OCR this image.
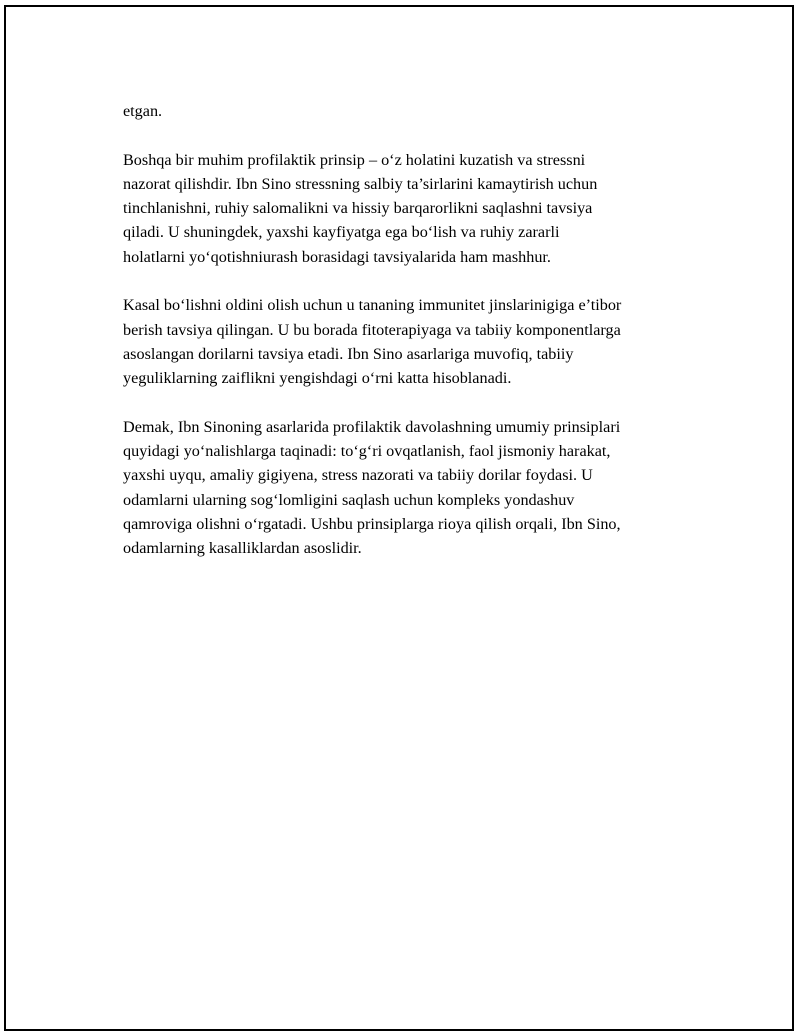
etgan.

Boshqa bir muhim profilaktik prinsip – o‘z holatini kuzatish va stressni
nazorat qilishdir. Ibn Sino stressning salbiy ta’sirlarini kamaytirish uchun
tinchlanishni, ruhiy salomalikni va hissiy barqarorlikni saqlashni tavsiya
qiladi. U shuningdek, yaxshi kayfiyatga ega bo‘lish va ruhiy zararli
holatlarni yo‘qotishniurash borasidagi tavsiyalarida ham mashhur.

Kasal bo‘lishni oldini olish uchun u tananing immunitet jinslarinigiga e’tibor
berish tavsiya qilingan. U bu borada fitoterapiyaga va tabiiy komponentlarga
asoslangan dorilarni tavsiya etadi. Ibn Sino asarlariga muvofiq, tabiiy
yeguliklarning zaiflikni yengishdagi o‘rni katta hisoblanadi.

Demak, Ibn Sinoning asarlarida profilaktik davolashning umumiy prinsiplari
quyidagi yo‘nalishlarga taqinadi: to‘g‘ri ovqatlanish, faol jismoniy harakat,
yaxshi uyqu, amaliy gigiyena, stress nazorati va tabiiy dorilar foydasi. U
odamlarni ularning sog‘lomligini saqlash uchun kompleks yondashuv
qamroviga olishni o‘rgatadi. Ushbu prinsiplarga rioya qilish orqali, Ibn Sino,
odamlarning kasalliklardan asoslidir.
